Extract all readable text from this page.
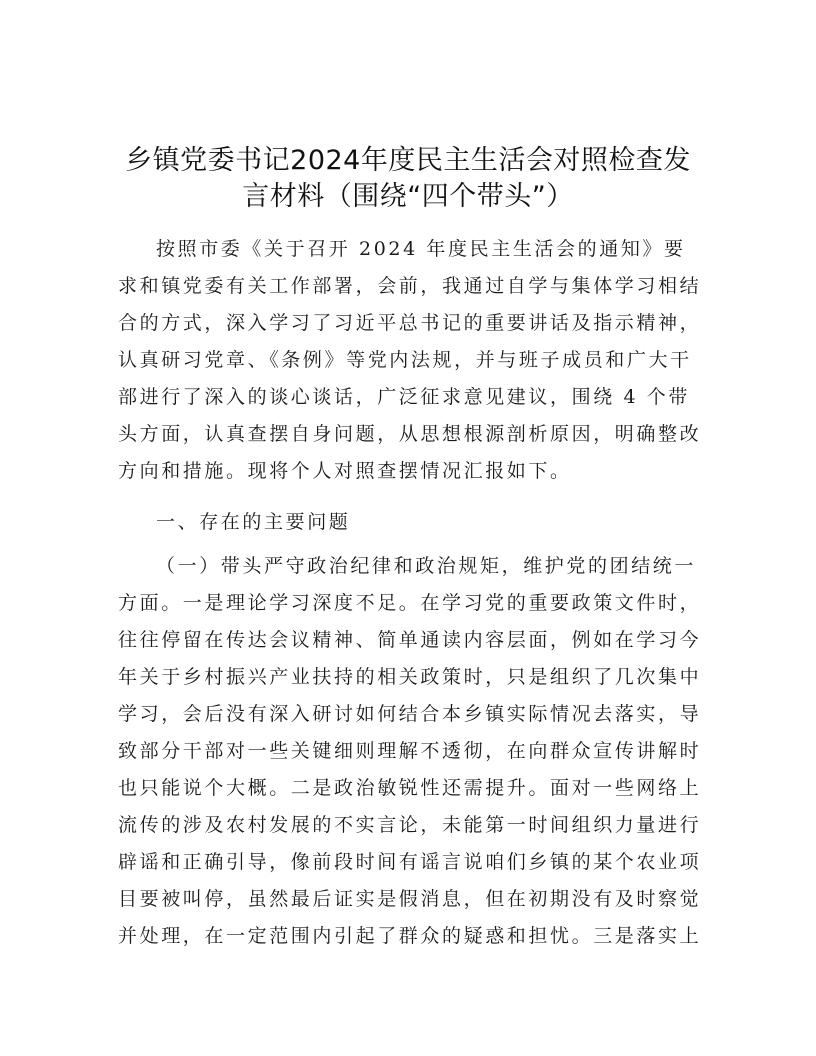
乡镇党委书记2024年度民主生活会对照检查发
言材料（围绕“四个带头”）
按照市委《关于召开 2024 年度民主生活会的通知》要
求和镇党委有关工作部署，会前，我通过自学与集体学习相结
合的方式，深入学习了习近平总书记的重要讲话及指示精神，
认真研习党章、《条例》等党内法规，并与班子成员和广大干
部进行了深入的谈心谈话，广泛征求意见建议，围绕 4 个带
头方面，认真查摆自身问题，从思想根源剖析原因，明确整改
方向和措施。现将个人对照查摆情况汇报如下。
一、存在的主要问题
（一）带头严守政治纪律和政治规矩，维护党的团结统一
方面。一是理论学习深度不足。在学习党的重要政策文件时，
往往停留在传达会议精神、简单通读内容层面，例如在学习今
年关于乡村振兴产业扶持的相关政策时，只是组织了几次集中
学习，会后没有深入研讨如何结合本乡镇实际情况去落实，导
致部分干部对一些关键细则理解不透彻，在向群众宣传讲解时
也只能说个大概。二是政治敏锐性还需提升。面对一些网络上
流传的涉及农村发展的不实言论，未能第一时间组织力量进行
辟谣和正确引导，像前段时间有谣言说咱们乡镇的某个农业项
目要被叫停，虽然最后证实是假消息，但在初期没有及时察觉
并处理，在一定范围内引起了群众的疑惑和担忧。三是落实上
